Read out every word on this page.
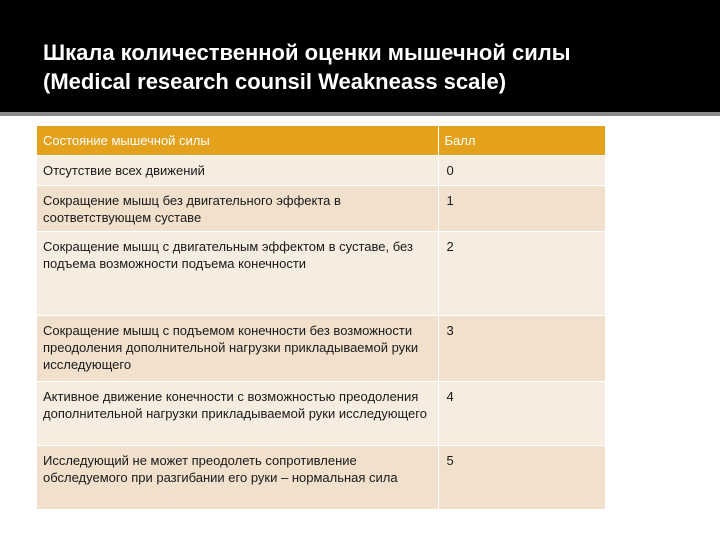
Шкала количественной оценки мышечной силы
(Medical research counsil Weakneass scale)
Состояние мышечной силы	Балл
Отсутствие всех движений	0
Сокращение мышц без двигательного эффекта в соответствующем суставе	1
Сокращение мышц с двигательным эффектом в суставе, без подъема возможности подъема конечности	2
Сокращение мышц с подъемом конечности без возможности преодоления дополнительной нагрузки прикладываемой руки исследующего	3
Активное движение конечности с возможностью преодоления дополнительной нагрузки прикладываемой руки исследующего	4
Исследующий не может преодолеть сопротивление обследуемого при разгибании его руки – нормальная сила	5
